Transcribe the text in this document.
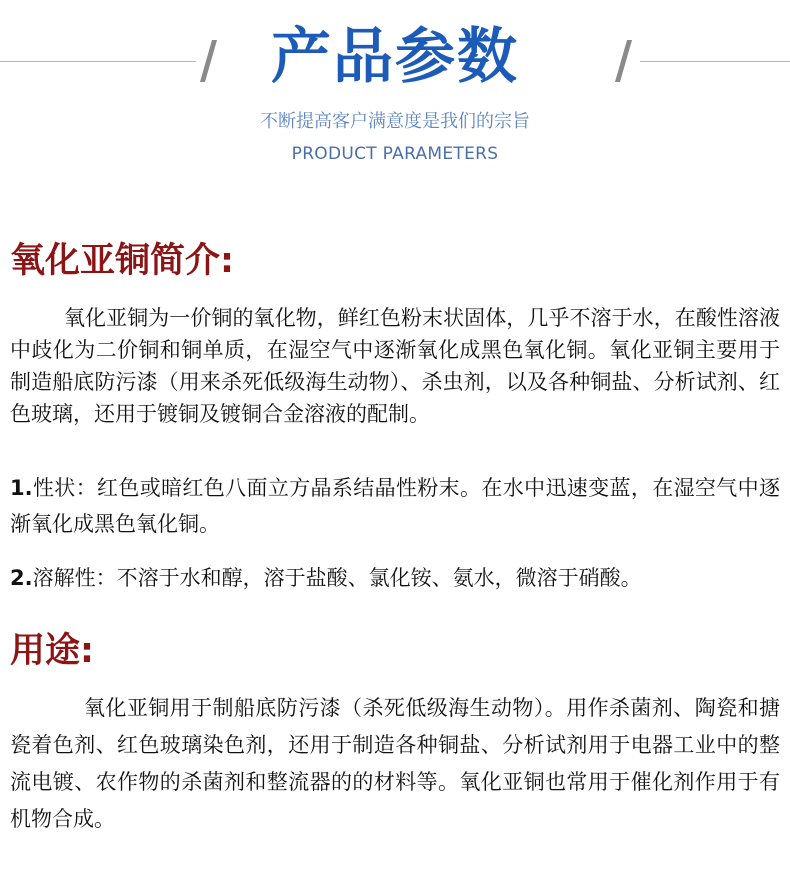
产品参数
不断提高客户满意度是我们的宗旨
PRODUCT PARAMETERS
氧化亚铜简介:

氧化亚铜为一价铜的氧化物，鲜红色粉末状固体，几乎不溶于水，在酸性溶液中歧化为二价铜和铜单质，在湿空气中逐渐氧化成黑色氧化铜。氧化亚铜主要用于制造船底防污漆（用来杀死低级海生动物）、杀虫剂，以及各种铜盐、分析试剂、红色玻璃，还用于镀铜及镀铜合金溶液的配制。

1.性状：红色或暗红色八面立方晶系结晶性粉末。在水中迅速变蓝，在湿空气中逐渐氧化成黑色氧化铜。

2.溶解性：不溶于水和醇，溶于盐酸、氯化铵、氨水，微溶于硝酸。

用途:

氧化亚铜用于制船底防污漆（杀死低级海生动物）。用作杀菌剂、陶瓷和搪瓷着色剂、红色玻璃染色剂，还用于制造各种铜盐、分析试剂用于电器工业中的整流电镀、农作物的杀菌剂和整流器的的材料等。氧化亚铜也常用于催化剂作用于有机物合成。
